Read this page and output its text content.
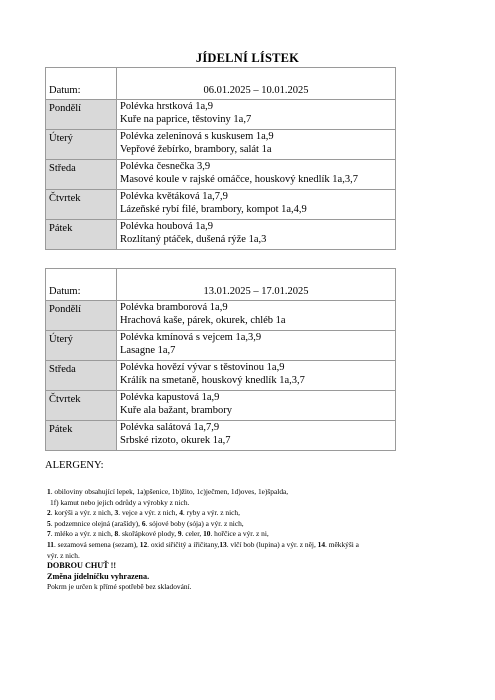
JÍDELNÍ LÍSTEK
Datum:	06.01.2025 – 10.01.2025
Pondělí	Polévka hrstková 1a,9
Kuře na paprice, těstoviny 1a,7

Úterý	Polévka zeleninová s kuskusem 1a,9
Vepřové žebírko, brambory, salát 1a

Středa	Polévka česnečka 3,9
Masové koule v rajské omáčce, houskový knedlík 1a,3,7

Čtvrtek	Polévka květáková 1a,7,9
Lázeňské rybí filé, brambory, kompot 1a,4,9

Pátek	Polévka houbová 1a,9
Rozlítaný ptáček, dušená rýže 1a,3
Datum:	13.01.2025 – 17.01.2025
Pondělí	Polévka bramborová 1a,9
Hrachová kaše, párek, okurek, chléb 1a

Úterý	Polévka kmínová s vejcem 1a,3,9
Lasagne 1a,7

Středa	Polévka hovězí vývar s těstovinou 1a,9
Králík na smetaně, houskový knedlík 1a,3,7

Čtvrtek	Polévka kapustová 1a,9
Kuře ala bažant, brambory

Pátek	Polévka salátová 1a,7,9
Srbské rizoto, okurek 1a,7
ALERGENY:

1. obiloviny obsahující lepek, 1a)pšenice, 1b)žito, 1c)ječmen, 1d)oves, 1e)špalda,

1f) kamut nebo jejich odrůdy a výrobky z nich.

2. korýši a výr. z nich, 3. vejce a výr. z nich, 4. ryby a výr. z nich,

5. podzemnice olejná (arašídy), 6. sójové boby (sója) a výr. z nich,

7. mléko a výr. z nich, 8. skořápkové plody, 9. celer, 10. hořčice a výr. z ni,

11. sezamová semena (sezam), 12. oxid siřičitý a iřičitany,13. vlčí bob (lupina) a výr. z něj, 14. měkkýši a

výr. z nich.

DOBROU CHUŤ !!

Změna jídelníčku vyhrazena.

Pokrm je určen k přímé spotřebě bez skladování.
